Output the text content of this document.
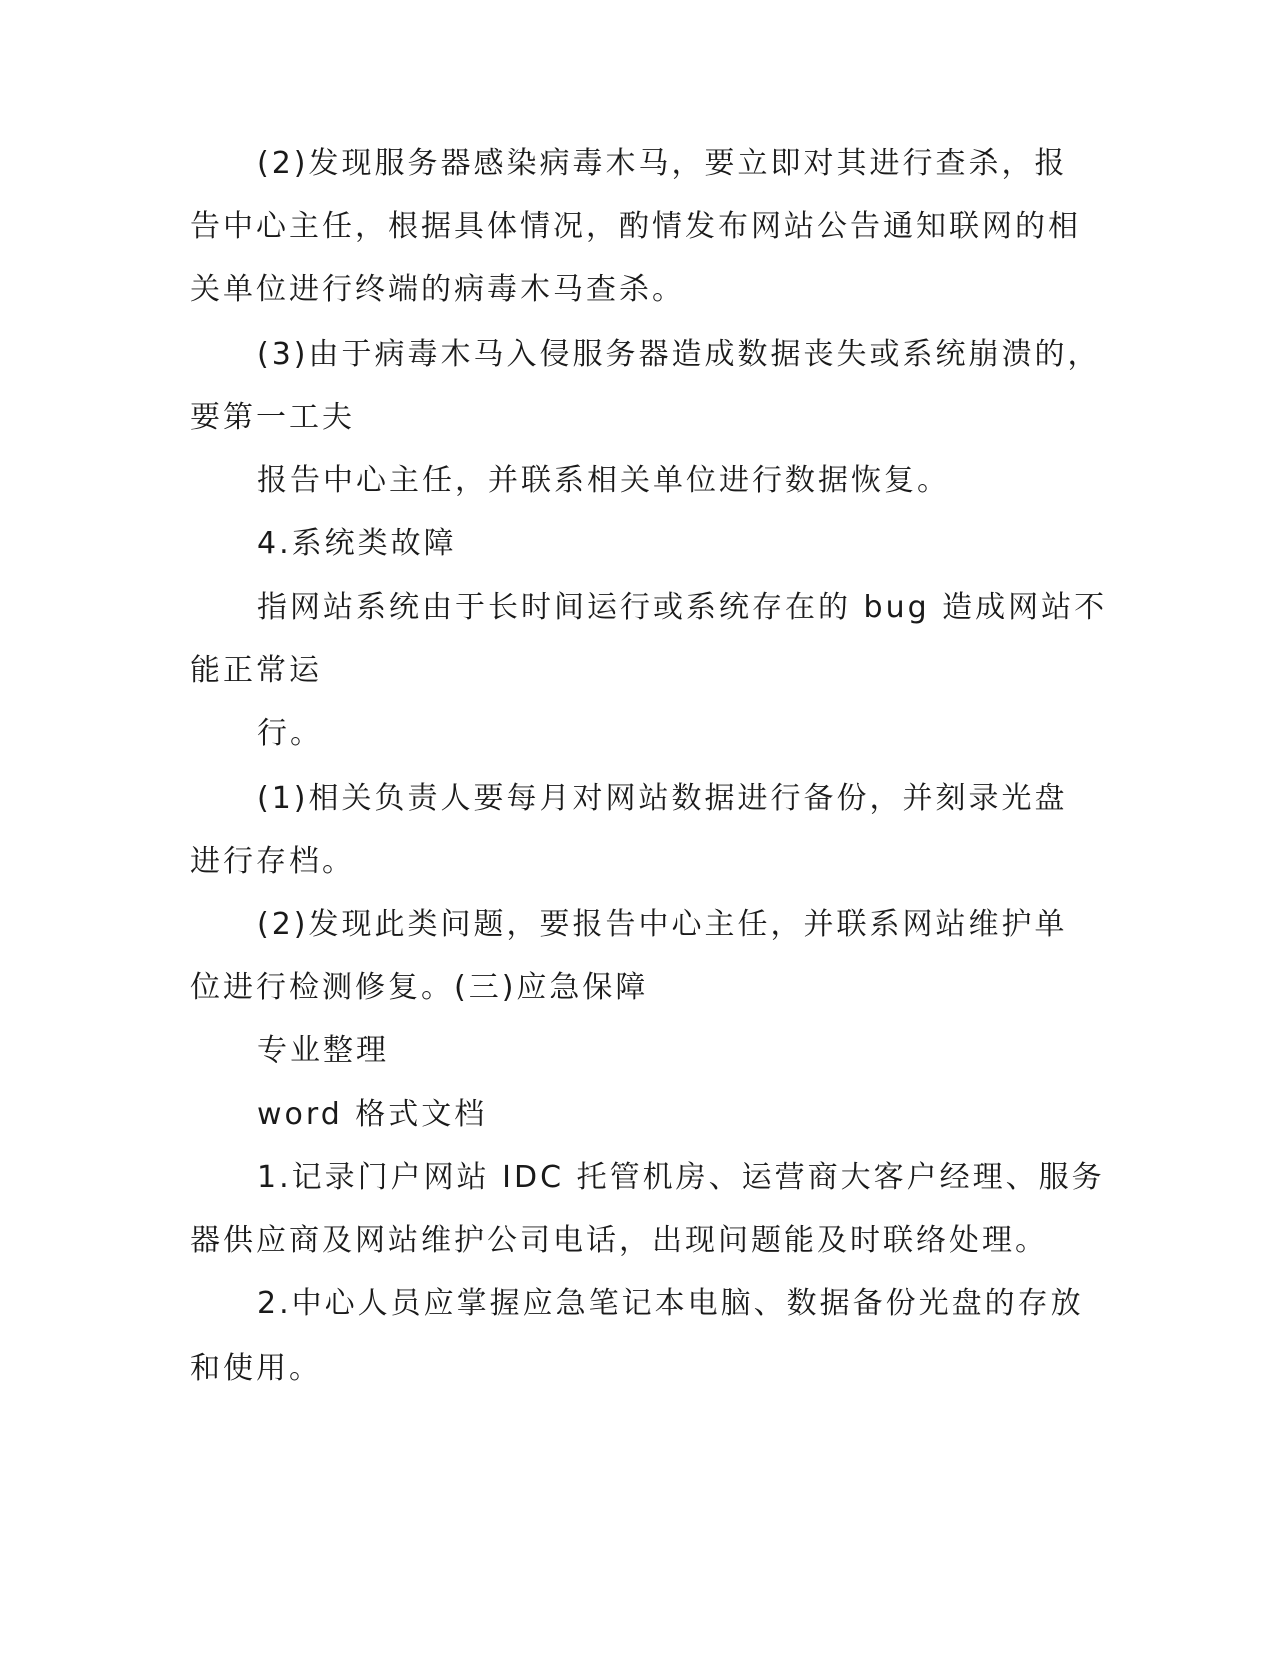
(2)发现服务器感染病毒木马，要立即对其进行查杀，报
告中心主任，根据具体情况，酌情发布网站公告通知联网的相
关单位进行终端的病毒木马查杀。
(3)由于病毒木马入侵服务器造成数据丧失或系统崩溃的，
要第一工夫
报告中心主任，并联系相关单位进行数据恢复。
4.系统类故障
指网站系统由于长时间运行或系统存在的 bug 造成网站不
能正常运
行。
(1)相关负责人要每月对网站数据进行备份，并刻录光盘
进行存档。
(2)发现此类问题，要报告中心主任，并联系网站维护单
位进行检测修复。(三)应急保障
专业整理
word 格式文档
1.记录门户网站 IDC 托管机房、运营商大客户经理、服务
器供应商及网站维护公司电话，出现问题能及时联络处理。
2.中心人员应掌握应急笔记本电脑、数据备份光盘的存放
和使用。
